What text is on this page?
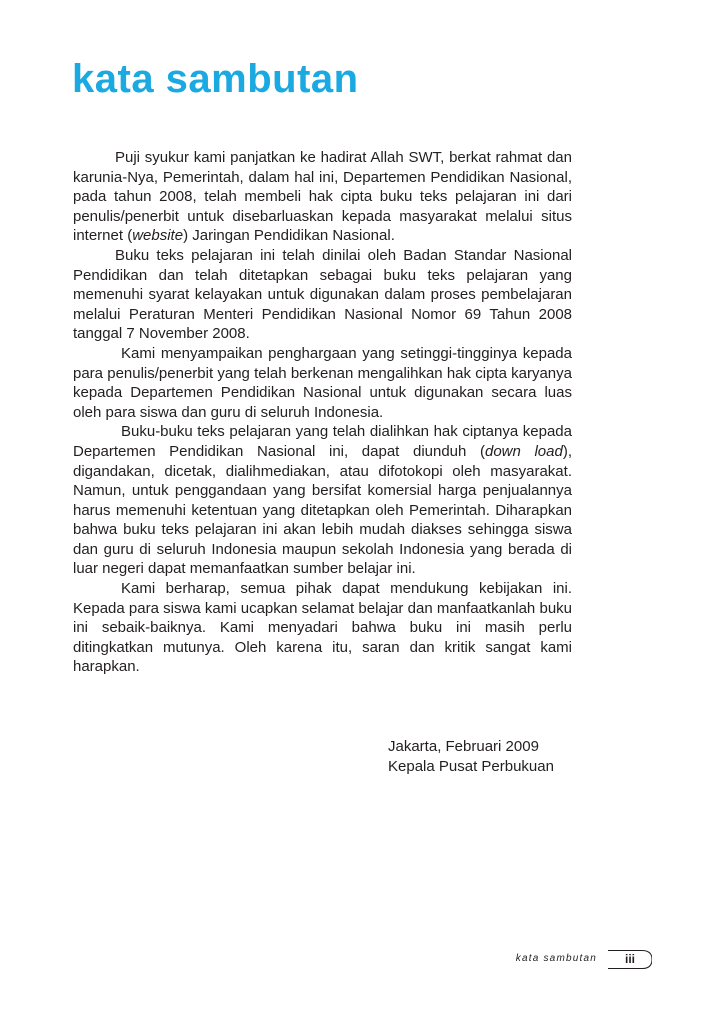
kata sambutan

Puji syukur kami panjatkan ke hadirat Allah SWT, berkat rahmat dan karunia-Nya, Pemerintah, dalam hal ini, Departemen Pendidikan Nasional, pada tahun 2008, telah membeli hak cipta buku teks pelajaran ini dari penulis/penerbit untuk disebarluaskan kepada masyarakat melalui situs internet (website) Jaringan Pendidikan Nasional.

Buku teks pelajaran ini telah dinilai oleh Badan Standar Nasional Pendidikan dan telah ditetapkan sebagai buku teks pelajaran yang memenuhi syarat kelayakan untuk digunakan dalam proses pembelajaran melalui Peraturan Menteri Pendidikan Nasional Nomor 69 Tahun 2008 tanggal 7 November 2008.

Kami menyampaikan penghargaan yang setinggi-tingginya kepada para penulis/penerbit yang telah berkenan mengalihkan hak cipta karyanya kepada Departemen Pendidikan Nasional untuk digunakan secara luas oleh para siswa dan guru di seluruh Indonesia.

Buku-buku teks pelajaran yang telah dialihkan hak ciptanya kepada Departemen Pendidikan Nasional ini, dapat diunduh (down load), digandakan, dicetak, dialihmediakan, atau difotokopi oleh masyarakat. Namun, untuk penggandaan yang bersifat komersial harga penjualannya harus memenuhi ketentuan yang ditetapkan oleh Pemerintah. Diharapkan bahwa buku teks pelajaran ini akan lebih mudah diakses sehingga siswa dan guru di seluruh Indonesia maupun sekolah Indonesia yang berada di luar negeri dapat memanfaatkan sumber belajar ini.

Kami berharap, semua pihak dapat mendukung kebijakan ini. Kepada para siswa kami ucapkan selamat belajar dan manfaatkanlah buku ini sebaik-baiknya. Kami menyadari bahwa buku ini masih perlu ditingkatkan mutunya. Oleh karena itu, saran dan kritik sangat kami harapkan.

Jakarta, Februari 2009
Kepala Pusat Perbukuan
kata sambutan	iii
